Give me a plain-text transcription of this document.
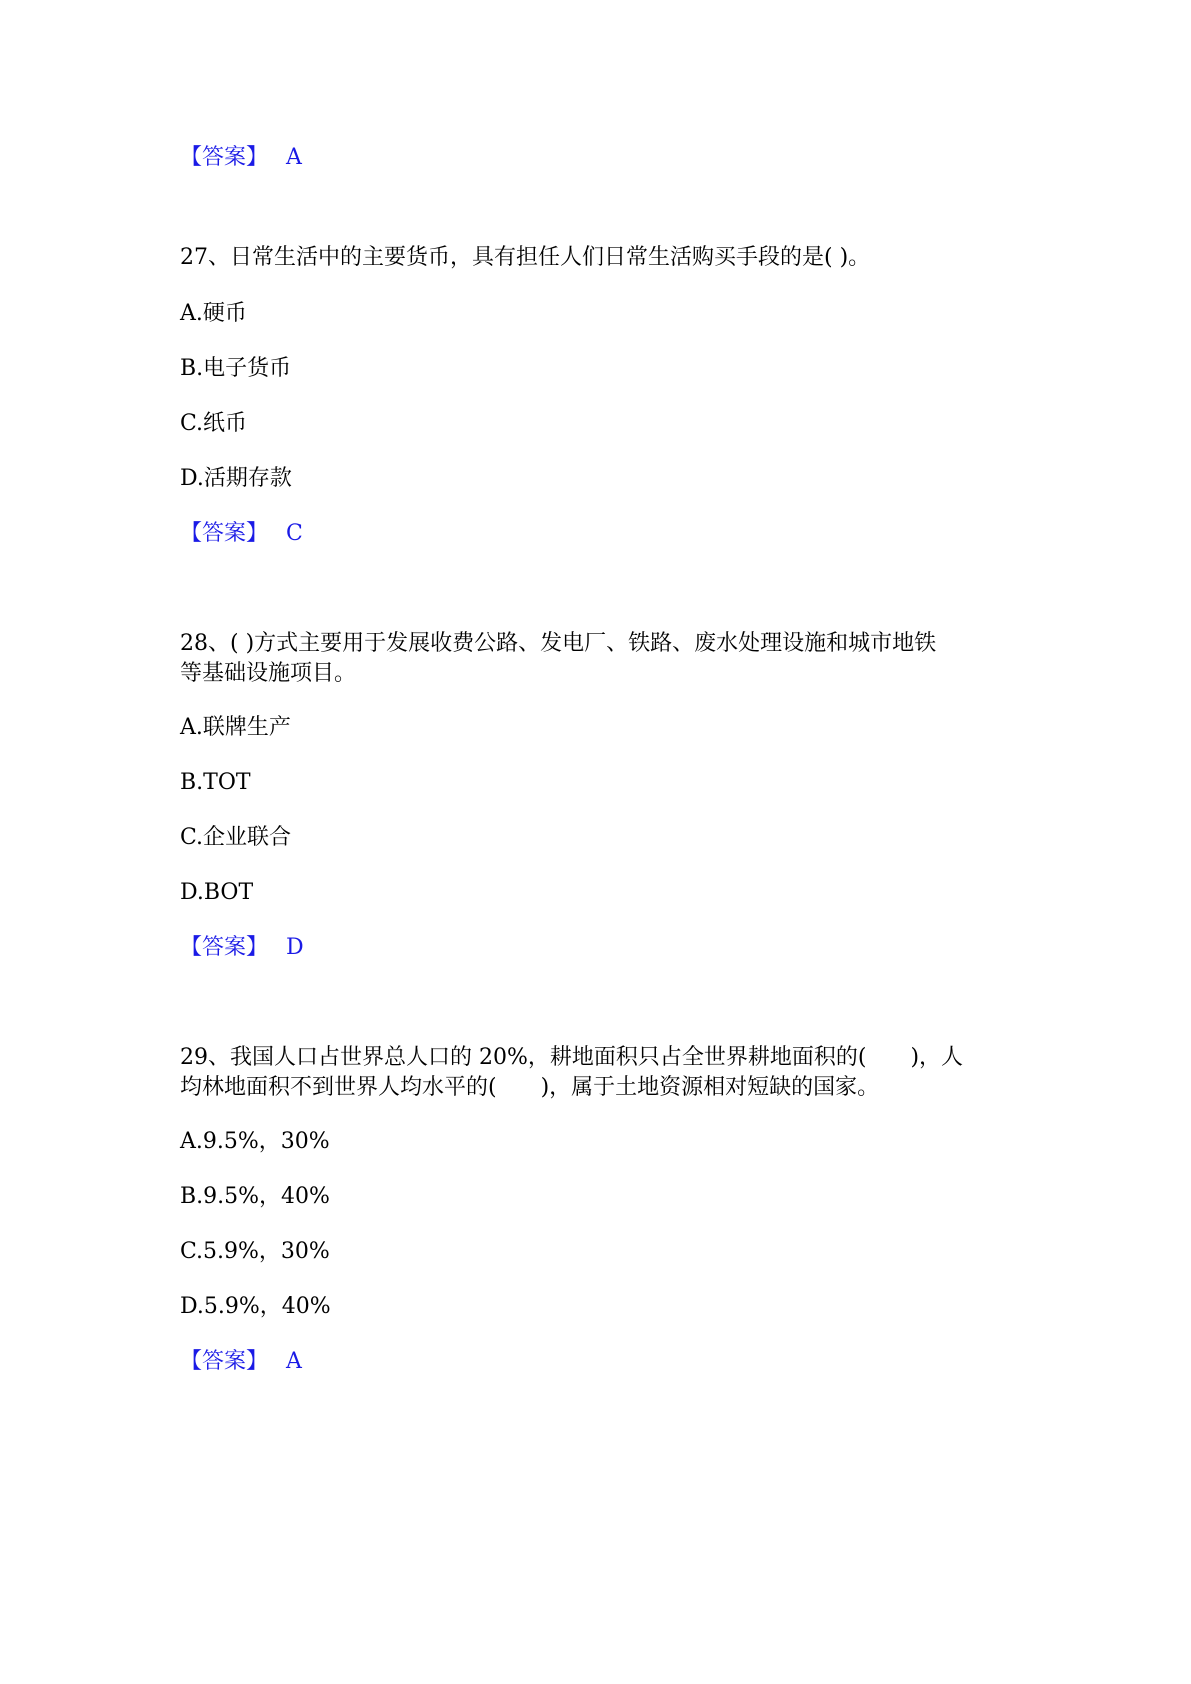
【答案】 A

27、日常生活中的主要货币，具有担任人们日常生活购买手段的是( )。

A.硬币

B.电子货币

C.纸币

D.活期存款

【答案】 C

28、( )方式主要用于发展收费公路、发电厂、铁路、废水处理设施和城市地铁

等基础设施项目。

A.联牌生产

B.TOT

C.企业联合

D.BOT

【答案】 D

29、我国人口占世界总人口的 20%，耕地面积只占全世界耕地面积的(　　)，人

均林地面积不到世界人均水平的(　　)，属于土地资源相对短缺的国家。

A.9.5%，30%

B.9.5%，40%

C.5.9%，30%

D.5.9%，40%

【答案】 A
